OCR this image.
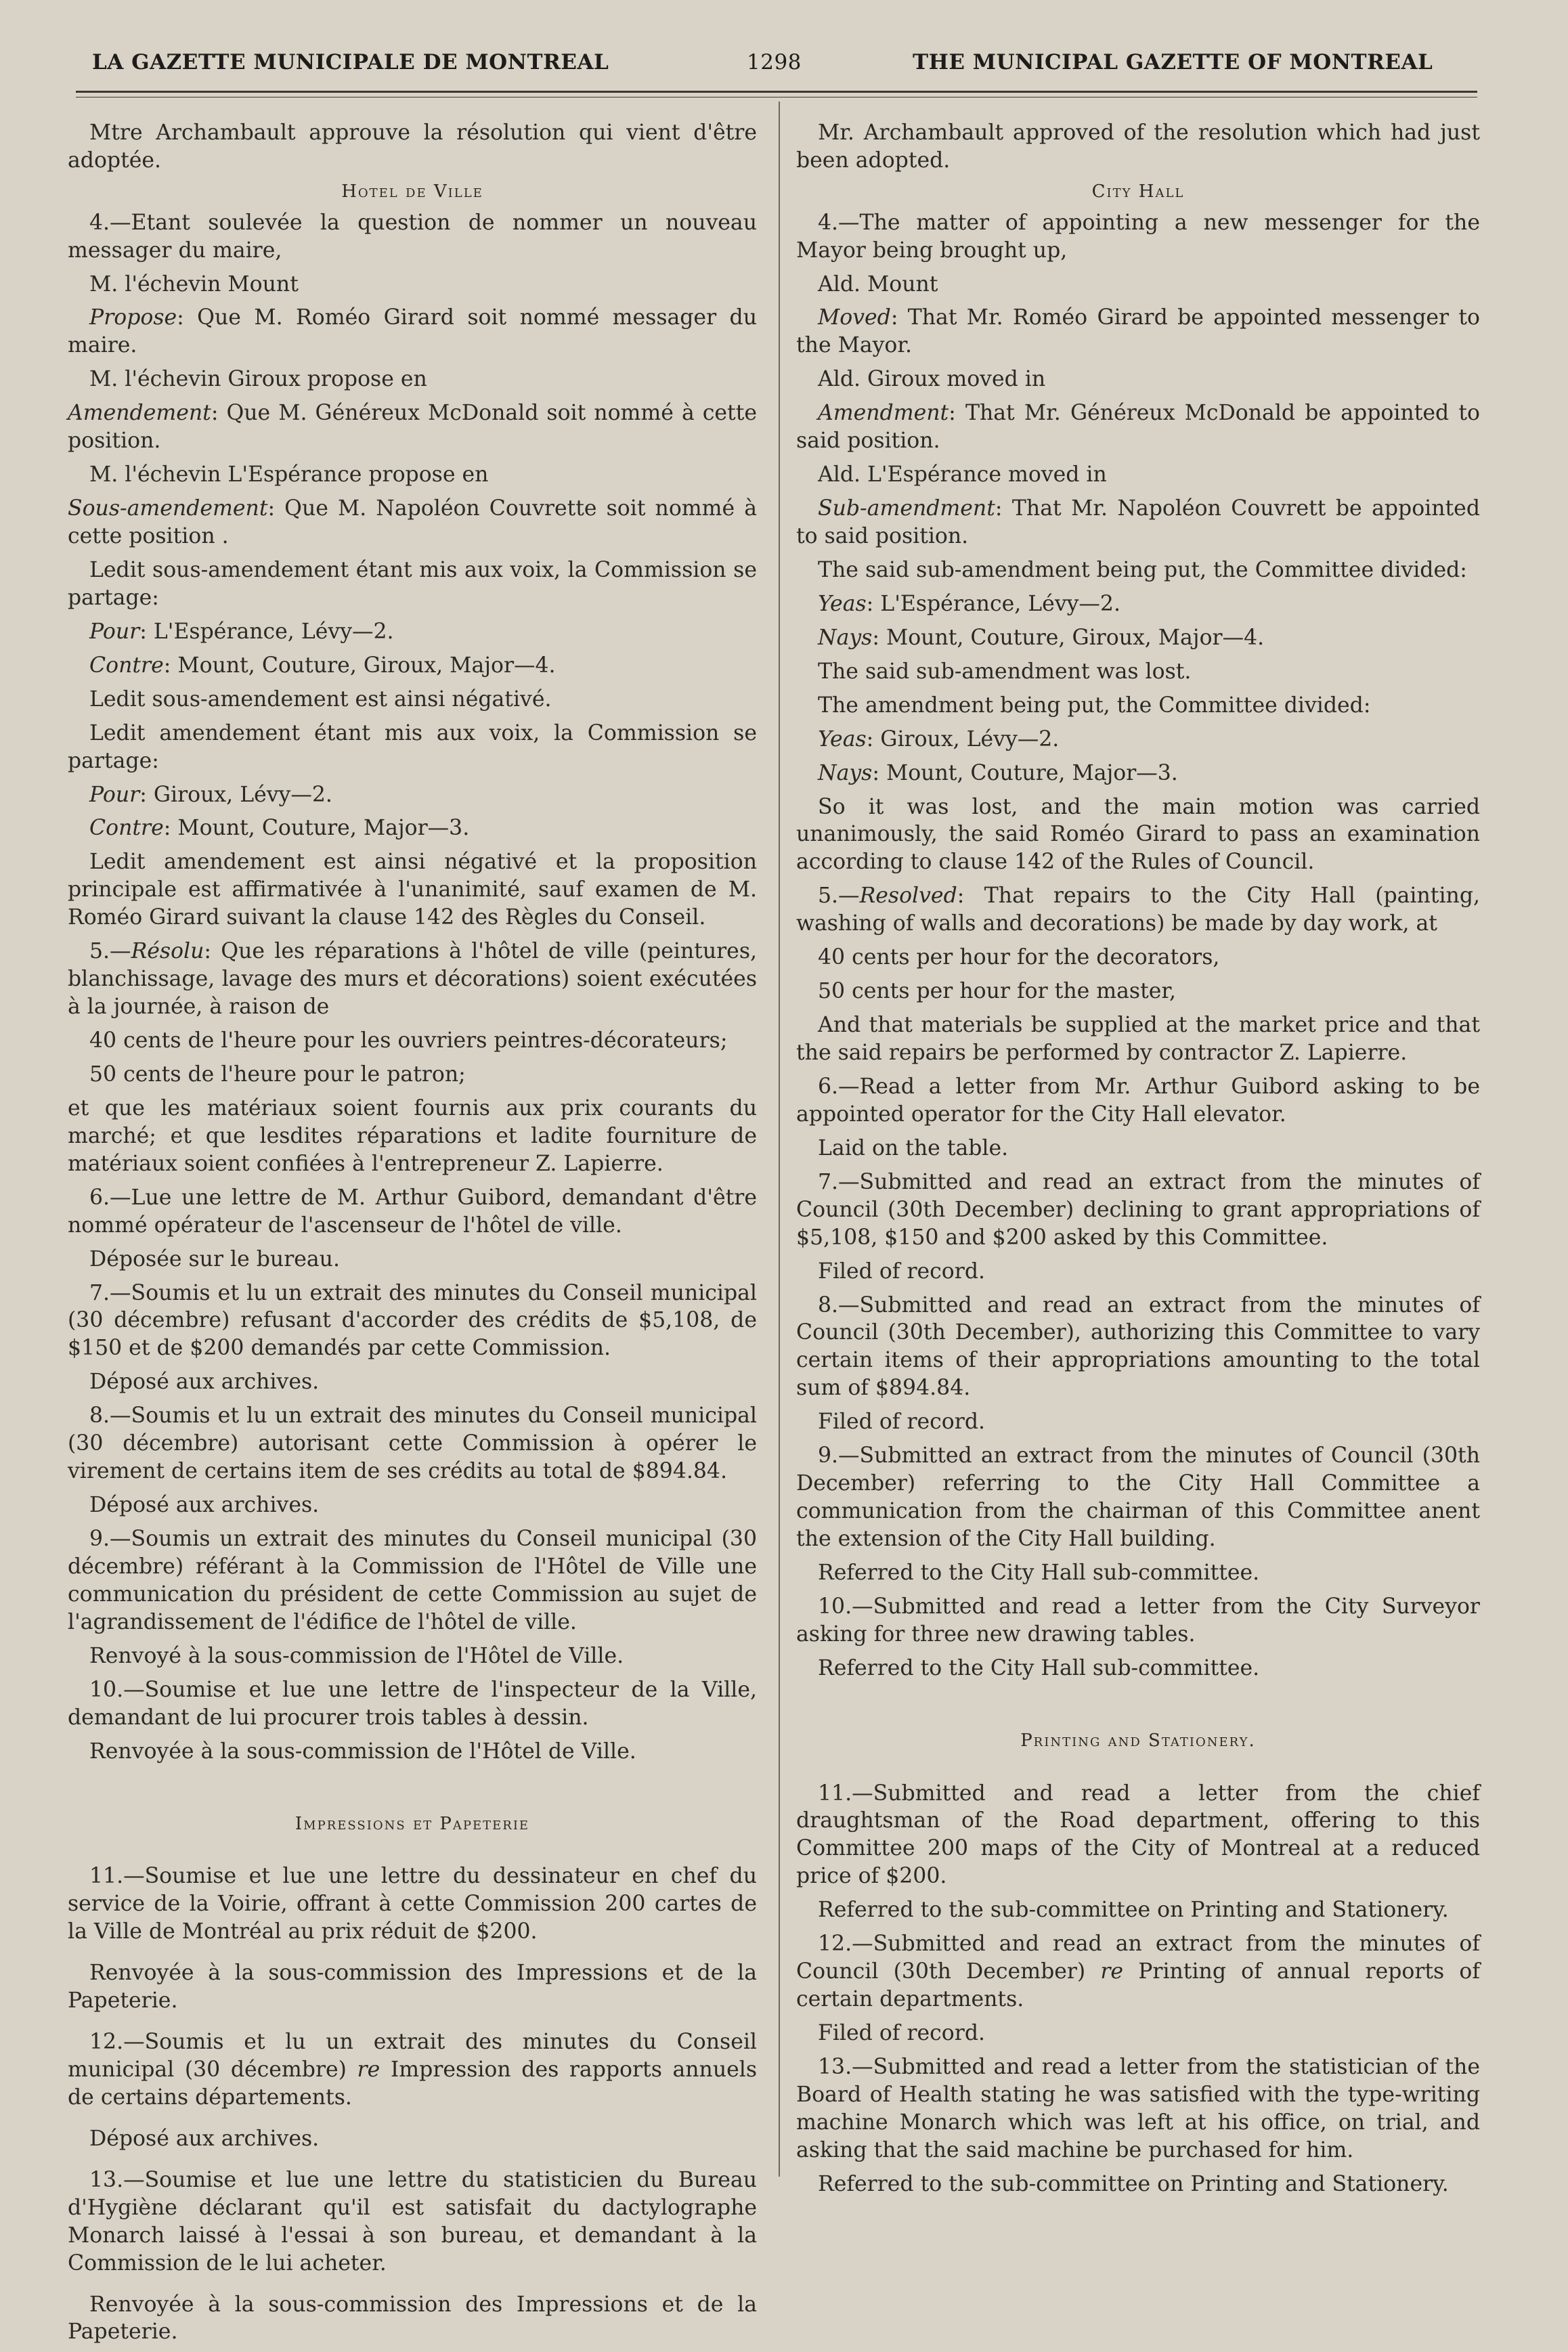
LA GAZETTE MUNICIPALE DE MONTREAL	1298	THE MUNICIPAL GAZETTE OF MONTREAL

Mtre Archambault approuve la résolution qui vient d'être adoptée.

Hotel de Ville

4.—Etant soulevée la question de nommer un nouveau messager du maire,

M. l'échevin Mount

Propose: Que M. Roméo Girard soit nommé messager du maire.

M. l'échevin Giroux propose en

Amendement: Que M. Généreux McDonald soit nommé à cette position.

M. l'échevin L'Espérance propose en

Sous-amendement: Que M. Napoléon Couvrette soit nommé à cette position .

Ledit sous-amendement étant mis aux voix, la Commission se partage:

Pour: L'Espérance, Lévy—2.

Contre: Mount, Couture, Giroux, Major—4.

Ledit sous-amendement est ainsi négativé.

Ledit amendement étant mis aux voix, la Commission se partage:

Pour: Giroux, Lévy—2.

Contre: Mount, Couture, Major—3.

Ledit amendement est ainsi négativé et la proposition principale est affirmativée à l'unanimité, sauf examen de M. Roméo Girard suivant la clause 142 des Règles du Conseil.

5.—Résolu: Que les réparations à l'hôtel de ville (peintures, blanchissage, lavage des murs et décorations) soient exécutées à la journée, à raison de

40 cents de l'heure pour les ouvriers peintres-décorateurs;

50 cents de l'heure pour le patron;

et que les matériaux soient fournis aux prix courants du marché; et que lesdites réparations et ladite fourniture de matériaux soient confiées à l'entrepreneur Z. Lapierre.

6.—Lue une lettre de M. Arthur Guibord, demandant d'être nommé opérateur de l'ascenseur de l'hôtel de ville.

Déposée sur le bureau.

7.—Soumis et lu un extrait des minutes du Conseil municipal (30 décembre) refusant d'accorder des crédits de $5,108, de $150 et de $200 demandés par cette Commission.

Déposé aux archives.

8.—Soumis et lu un extrait des minutes du Conseil municipal (30 décembre) autorisant cette Commission à opérer le virement de certains item de ses crédits au total de $894.84.

Déposé aux archives.

9.—Soumis un extrait des minutes du Conseil municipal (30 décembre) référant à la Commission de l'Hôtel de Ville une communication du président de cette Commission au sujet de l'agrandissement de l'édifice de l'hôtel de ville.

Renvoyé à la sous-commission de l'Hôtel de Ville.

10.—Soumise et lue une lettre de l'inspecteur de la Ville, demandant de lui procurer trois tables à dessin.

Renvoyée à la sous-commission de l'Hôtel de Ville.

Impressions et Papeterie

11.—Soumise et lue une lettre du dessinateur en chef du service de la Voirie, offrant à cette Commission 200 cartes de la Ville de Montréal au prix réduit de $200.

Renvoyée à la sous-commission des Impressions et de la Papeterie.

12.—Soumis et lu un extrait des minutes du Conseil municipal (30 décembre) re Impression des rapports annuels de certains départements.

Déposé aux archives.

13.—Soumise et lue une lettre du statisticien du Bureau d'Hygiène déclarant qu'il est satisfait du dactylographe Monarch laissé à l'essai à son bureau, et demandant à la Commission de le lui acheter.

Renvoyée à la sous-commission des Impressions et de la Papeterie.

Mr. Archambault approved of the resolution which had just been adopted.

City Hall

4.—The matter of appointing a new messenger for the Mayor being brought up,

Ald. Mount

Moved: That Mr. Roméo Girard be appointed messenger to the Mayor.

Ald. Giroux moved in

Amendment: That Mr. Généreux McDonald be appointed to said position.

Ald. L'Espérance moved in

Sub-amendment: That Mr. Napoléon Couvrett be appointed to said position.

The said sub-amendment being put, the Committee divided:

Yeas: L'Espérance, Lévy—2.

Nays: Mount, Couture, Giroux, Major—4.

The said sub-amendment was lost.

The amendment being put, the Committee divided:

Yeas: Giroux, Lévy—2.

Nays: Mount, Couture, Major—3.

So it was lost, and the main motion was carried unanimously, the said Roméo Girard to pass an examination according to clause 142 of the Rules of Council.

5.—Resolved: That repairs to the City Hall (painting, washing of walls and decorations) be made by day work, at

40 cents per hour for the decorators,

50 cents per hour for the master,

And that materials be supplied at the market price and that the said repairs be performed by contractor Z. Lapierre.

6.—Read a letter from Mr. Arthur Guibord asking to be appointed operator for the City Hall elevator.

Laid on the table.

7.—Submitted and read an extract from the minutes of Council (30th December) declining to grant appropriations of $5,108, $150 and $200 asked by this Committee.

Filed of record.

8.—Submitted and read an extract from the minutes of Council (30th December), authorizing this Committee to vary certain items of their appropriations amounting to the total sum of $894.84.

Filed of record.

9.—Submitted an extract from the minutes of Council (30th December) referring to the City Hall Committee a communication from the chairman of this Committee anent the extension of the City Hall building.

Referred to the City Hall sub-committee.

10.—Submitted and read a letter from the City Surveyor asking for three new drawing tables.

Referred to the City Hall sub-committee.

Printing and Stationery.

11.—Submitted and read a letter from the chief draughtsman of the Road department, offering to this Committee 200 maps of the City of Montreal at a reduced price of $200.

Referred to the sub-committee on Printing and Stationery.

12.—Submitted and read an extract from the minutes of Council (30th December) re Printing of annual reports of certain departments.

Filed of record.

13.—Submitted and read a letter from the statistician of the Board of Health stating he was satisfied with the type-writing machine Monarch which was left at his office, on trial, and asking that the said machine be purchased for him.

Referred to the sub-committee on Printing and Stationery.
